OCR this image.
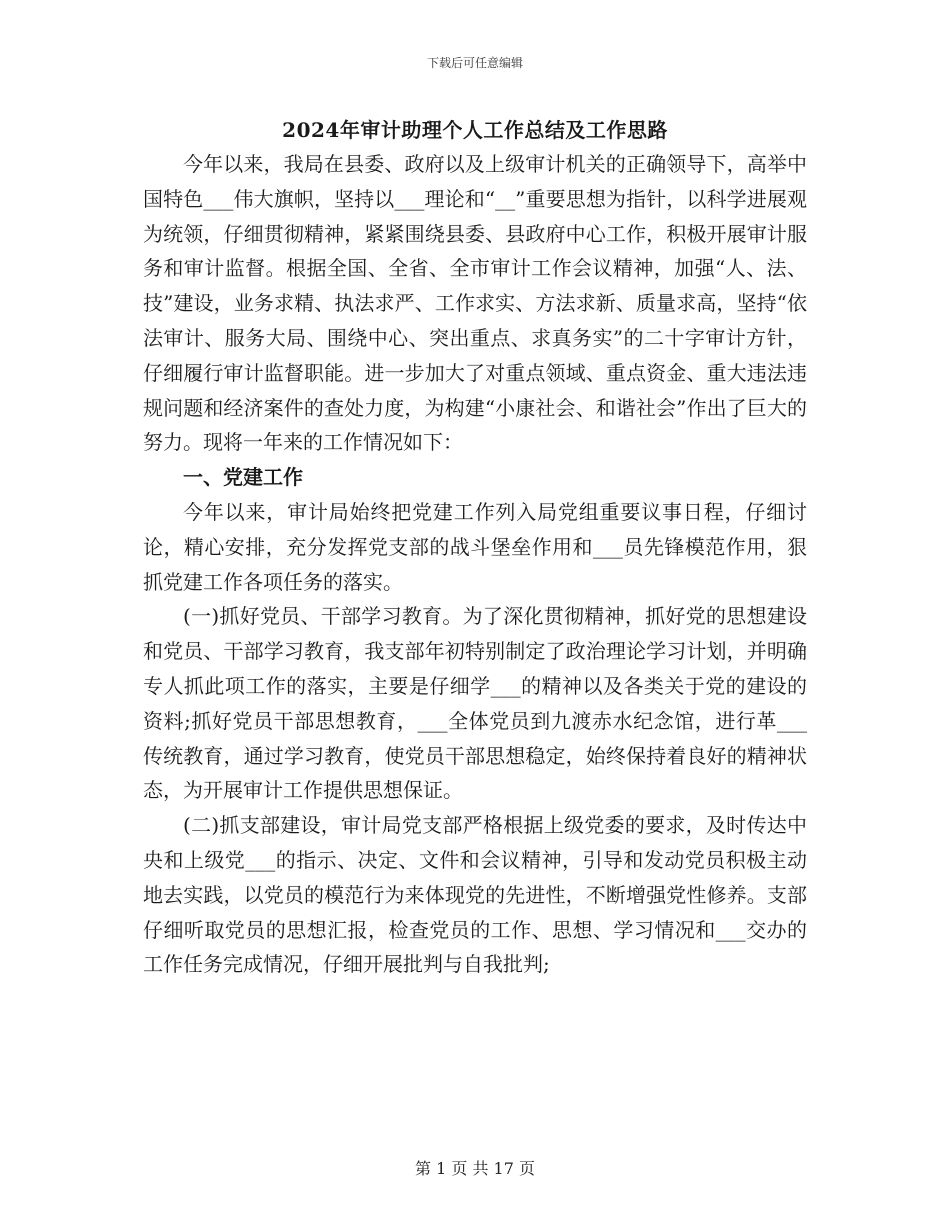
下载后可任意编辑
2024年审计助理个人工作总结及工作思路

今年以来，我局在县委、政府以及上级审计机关的正确领导下，高举中国特色___伟大旗帜，坚持以___理论和“__”重要思想为指针，以科学进展观为统领，仔细贯彻精神，紧紧围绕县委、县政府中心工作，积极开展审计服务和审计监督。根据全国、全省、全市审计工作会议精神，加强“人、法、技”建设，业务求精、执法求严、工作求实、方法求新、质量求高，坚持“依法审计、服务大局、围绕中心、突出重点、求真务实”的二十字审计方针，仔细履行审计监督职能。进一步加大了对重点领域、重点资金、重大违法违规问题和经济案件的查处力度，为构建“小康社会、和谐社会”作出了巨大的努力。现将一年来的工作情况如下：

一、党建工作

今年以来，审计局始终把党建工作列入局党组重要议事日程，仔细讨论，精心安排，充分发挥党支部的战斗堡垒作用和___员先锋模范作用，狠抓党建工作各项任务的落实。

(一)抓好党员、干部学习教育。为了深化贯彻精神，抓好党的思想建设和党员、干部学习教育，我支部年初特别制定了政治理论学习计划，并明确专人抓此项工作的落实，主要是仔细学___的精神以及各类关于党的建设的资料;抓好党员干部思想教育，___全体党员到九渡赤水纪念馆，进行革___传统教育，通过学习教育，使党员干部思想稳定，始终保持着良好的精神状态，为开展审计工作提供思想保证。

(二)抓支部建设，审计局党支部严格根据上级党委的要求，及时传达中央和上级党___的指示、决定、文件和会议精神，引导和发动党员积极主动地去实践，以党员的模范行为来体现党的先进性，不断增强党性修养。支部仔细听取党员的思想汇报，检查党员的工作、思想、学习情况和___交办的工作任务完成情况，仔细开展批判与自我批判;

第 1 页 共 17 页
